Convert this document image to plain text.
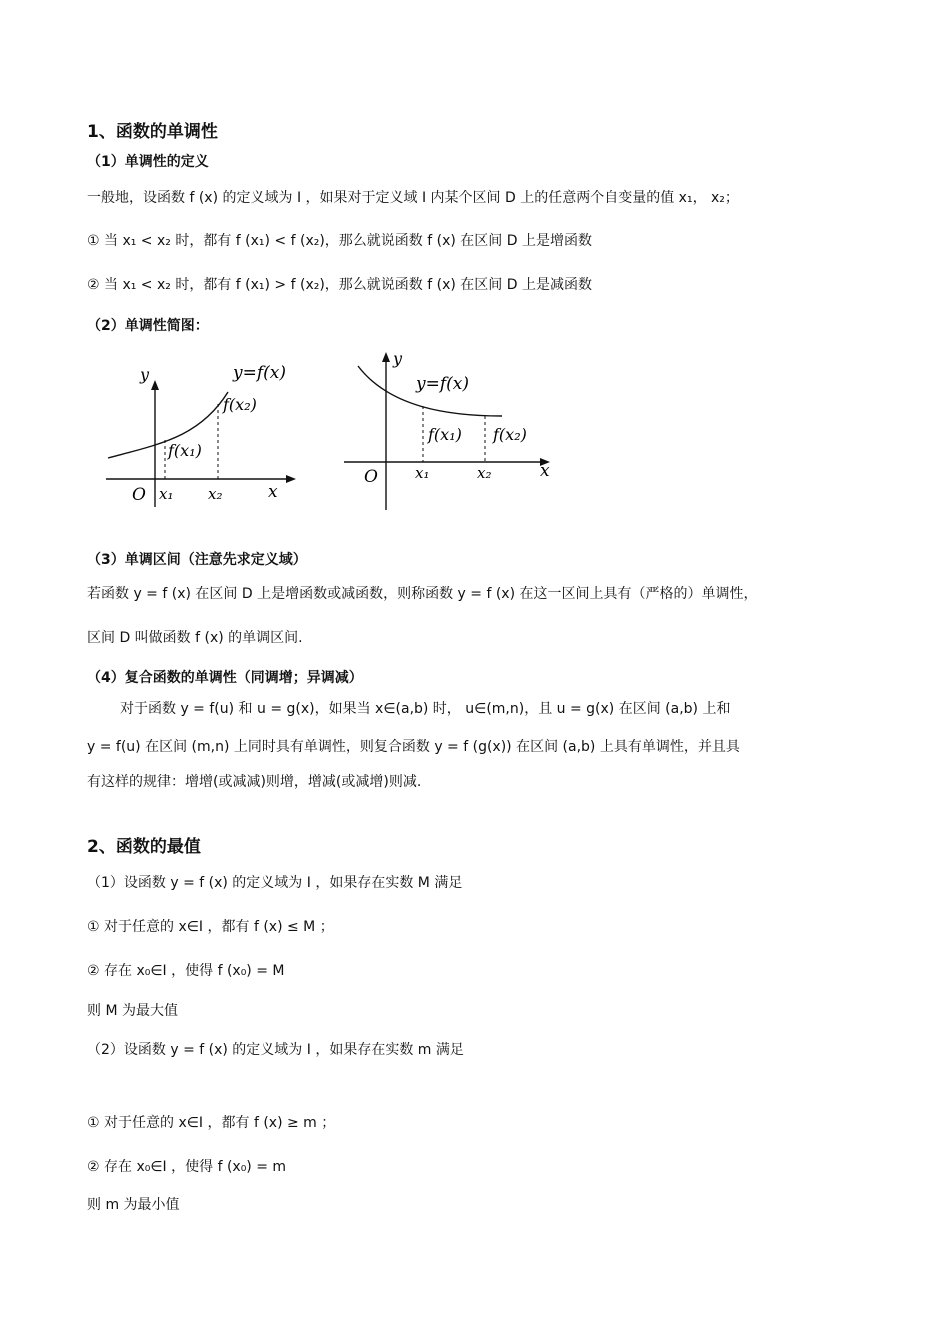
1、函数的单调性
（1）单调性的定义
一般地，设函数 f (x) 的定义域为 I ，如果对于定义域 I 内某个区间 D 上的任意两个自变量的值 x₁， x₂；
① 当 x₁ < x₂ 时，都有 f (x₁) < f (x₂)，那么就说函数 f (x) 在区间 D 上是增函数
② 当 x₁ < x₂ 时，都有 f (x₁) > f (x₂)，那么就说函数 f (x) 在区间 D 上是减函数
（2）单调性简图：
y	y=f(x)
f(x₂)
f(x₁)
O x₁ x₂	x
y
y=f(x)
f(x₁) f(x₂)
O x₁	x₂	x
（3）单调区间（注意先求定义域）
若函数 y = f (x) 在区间 D 上是增函数或减函数，则称函数 y = f (x) 在这一区间上具有（严格的）单调性，
区间 D 叫做函数 f (x) 的单调区间.
（4）复合函数的单调性（同调增；异调减）
对于函数 y = f(u) 和 u = g(x)，如果当 x∈(a,b) 时， u∈(m,n)，且 u = g(x) 在区间 (a,b) 上和
y = f(u) 在区间 (m,n) 上同时具有单调性，则复合函数 y = f (g(x)) 在区间 (a,b) 上具有单调性，并且具
有这样的规律：增增(或减减)则增，增减(或减增)则减.
2、函数的最值
（1）设函数 y = f (x) 的定义域为 I ，如果存在实数 M 满足
① 对于任意的 x∈I ，都有 f (x) ≤ M ；
② 存在 x₀∈I ，使得 f (x₀) = M
则 M 为最大值
（2）设函数 y = f (x) 的定义域为 I ，如果存在实数 m 满足
① 对于任意的 x∈I ，都有 f (x) ≥ m ；
② 存在 x₀∈I ，使得 f (x₀) = m
则 m 为最小值
